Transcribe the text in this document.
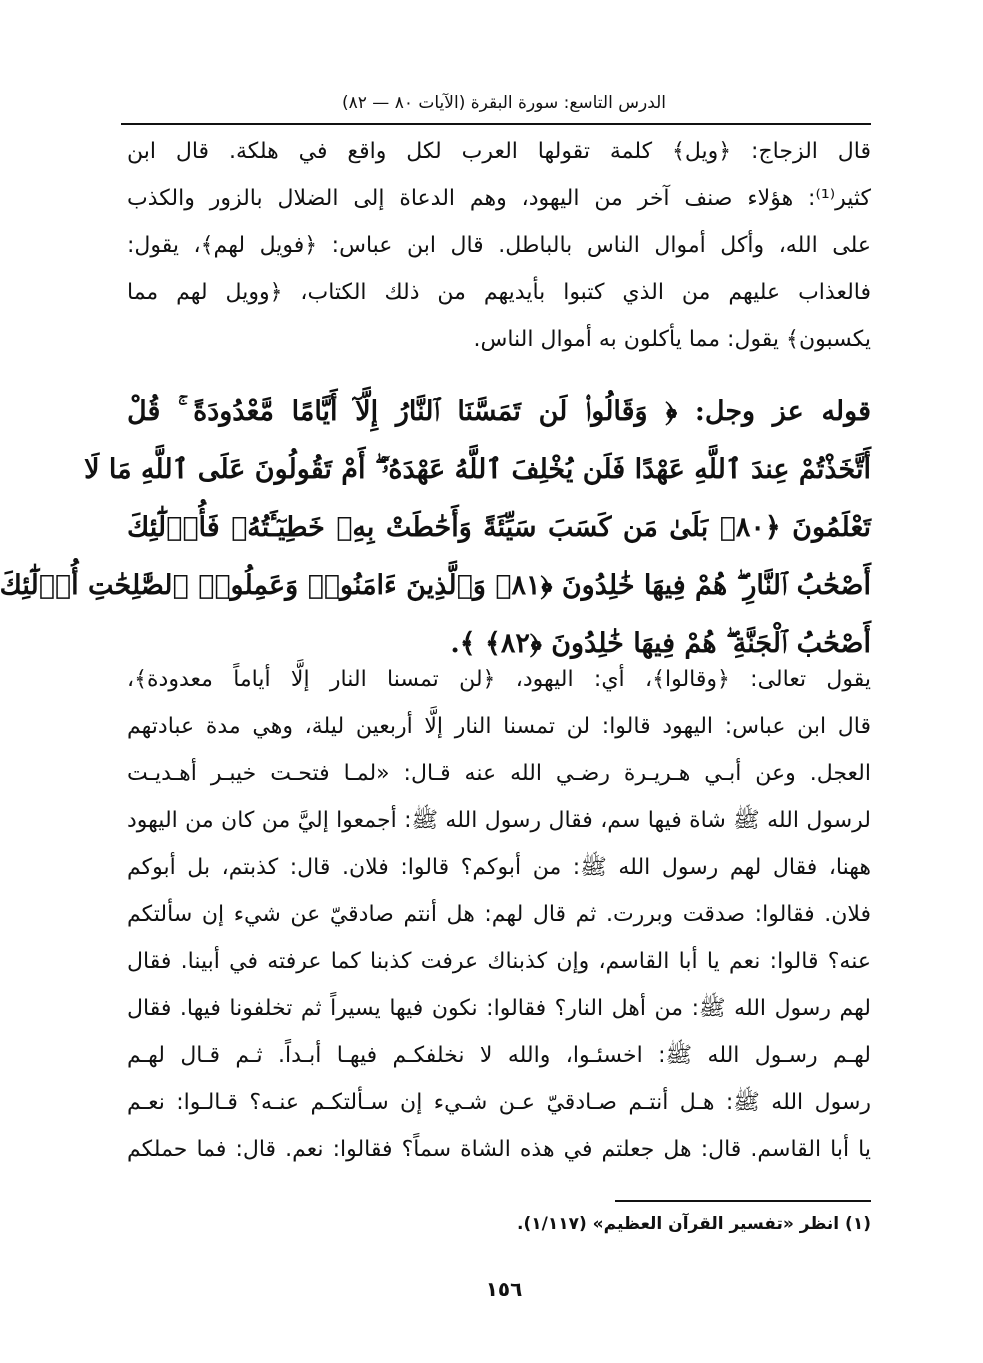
الدرس التاسع: سورة البقرة (الآيات ٨٠ — ٨٢)
قال الزجاج: ﴿ويل﴾ كلمة تقولها العرب لكل واقع في هلكة. قال ابن
كثير⁽¹⁾: هؤلاء صنف آخر من اليهود، وهم الدعاة إلى الضلال بالزور والكذب
على الله، وأكل أموال الناس بالباطل. قال ابن عباس: ﴿فويل لهم﴾، يقول:
فالعذاب عليهم من الذي كتبوا بأيديهم من ذلك الكتاب، ﴿وويل لهم مما
يكسبون﴾ يقول: مما يأكلون به أموال الناس.
قوله عز وجل: ﴿ وَقَالُوا۟ لَن تَمَسَّنَا ٱلنَّارُ إِلَّآ أَيَّامًا مَّعْدُودَةً ۚ قُلْ
أَتَّخَذْتُمْ عِندَ ٱللَّهِ عَهْدًا فَلَن يُخْلِفَ ٱللَّهُ عَهْدَهُۥٓ ۖ أَمْ تَقُولُونَ عَلَى ٱللَّهِ مَا لَا
تَعْلَمُونَ ﴿٨٠﴾ بَلَىٰ مَن كَسَبَ سَيِّئَةً وَأَحَٰطَتْ بِهِۦ خَطِيٓـَٔتُهُۥ فَأُو۟لَٰٓئِكَ
أَصْحَٰبُ ٱلنَّارِ ۖ هُمْ فِيهَا خَٰلِدُونَ ﴿٨١﴾ وَٱلَّذِينَ ءَامَنُوا۟ وَعَمِلُوا۟ ٱلصَّٰلِحَٰتِ أُو۟لَٰٓئِكَ
أَصْحَٰبُ ٱلْجَنَّةِ ۖ هُمْ فِيهَا خَٰلِدُونَ ﴿٨٢﴾ ﴾.
يقول تعالى: ﴿وقالوا﴾، أي: اليهود، ﴿لن تمسنا النار إلَّا أياماً معدودة﴾،
قال ابن عباس: اليهود قالوا: لن تمسنا النار إلَّا أربعين ليلة، وهي مدة عبادتهم
العجل. وعن أبـي هـريـرة رضـي الله عنه قـال: «لمـا فتحـت خيبـر أهـديـت
لرسول الله ﷺ شاة فيها سم، فقال رسول الله ﷺ: أجمعوا إليَّ من كان من اليهود
ههنا، فقال لهم رسول الله ﷺ: من أبوكم؟ قالوا: فلان. قال: كذبتم، بل أبوكم
فلان. فقالوا: صدقت وبررت. ثم قال لهم: هل أنتم صادقيّ عن شيء إن سألتكم
عنه؟ قالوا: نعم يا أبا القاسم، وإن كذبناك عرفت كذبنا كما عرفته في أبينا. فقال
لهم رسول الله ﷺ: من أهل النار؟ فقالوا: نكون فيها يسيراً ثم تخلفونا فيها. فقال
لهـم رسـول الله ﷺ: اخسئـوا، والله لا نخلفكـم فيهـا أبـداً. ثـم قـال لهـم
رسول الله ﷺ: هـل أنتـم صـادقيّ عـن شـيء إن سـألتكـم عنـه؟ قـالـوا: نعـم
يا أبا القاسم. قال: هل جعلتم في هذه الشاة سماً؟ فقالوا: نعم. قال: فما حملكم
(١) انظر «تفسير القرآن العظيم» (١/١١٧).
١٥٦
